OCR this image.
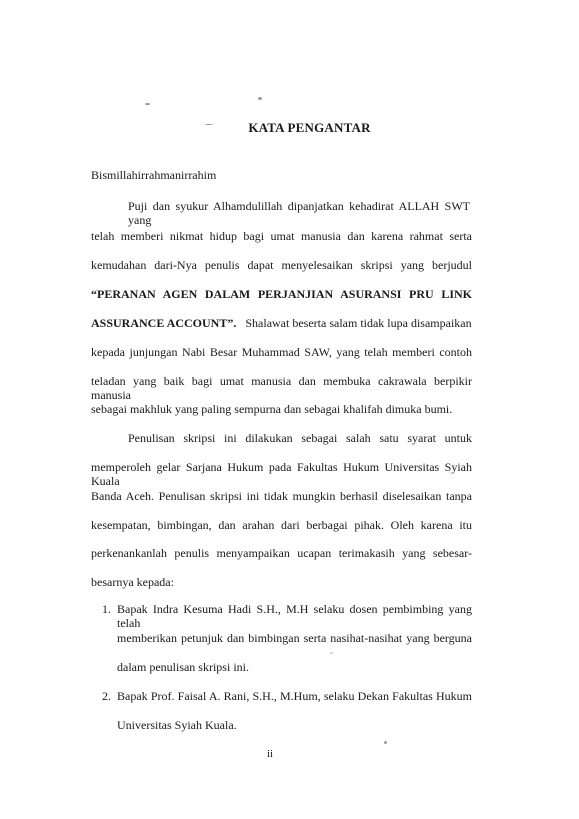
KATA PENGANTAR
Bismillahirrahmanirrahim
Puji dan syukur Alhamdulillah dipanjatkan kehadirat ALLAH SWT yang
telah memberi nikmat hidup bagi umat manusia dan karena rahmat serta
kemudahan dari-Nya penulis dapat menyelesaikan skripsi yang berjudul
“PERANAN AGEN DALAM PERJANJIAN ASURANSI PRU LINK
ASSURANCE ACCOUNT”. Shalawat beserta salam tidak lupa disampaikan
kepada junjungan Nabi Besar Muhammad SAW, yang telah memberi contoh
teladan yang baik bagi umat manusia dan membuka cakrawala berpikir manusia
sebagai makhluk yang paling sempurna dan sebagai khalifah dimuka bumi.
Penulisan skripsi ini dilakukan sebagai salah satu syarat untuk
memperoleh gelar Sarjana Hukum pada Fakultas Hukum Universitas Syiah Kuala
Banda Aceh. Penulisan skripsi ini tidak mungkin berhasil diselesaikan tanpa
kesempatan, bimbingan, dan arahan dari berbagai pihak. Oleh karena itu
perkenankanlah penulis menyampaikan ucapan terimakasih yang sebesar-
besarnya kepada:
1. Bapak Indra Kesuma Hadi S.H., M.H selaku dosen pembimbing yang telah
memberikan petunjuk dan bimbingan serta nasihat-nasihat yang berguna
dalam penulisan skripsi ini.
2. Bapak Prof. Faisal A. Rani, S.H., M.Hum, selaku Dekan Fakultas Hukum
Universitas Syiah Kuala.
ii
